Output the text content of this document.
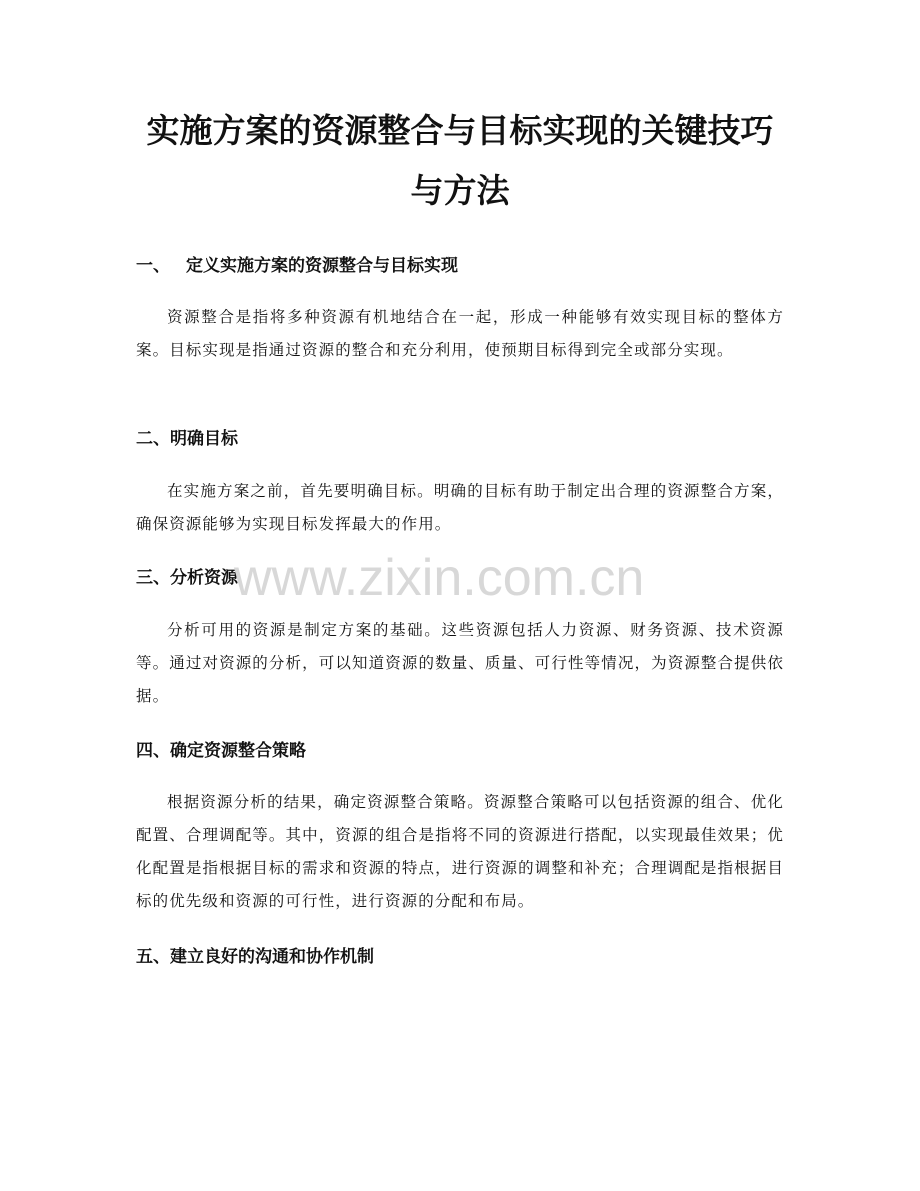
实施方案的资源整合与目标实现的关键技巧
与方法
一、 定义实施方案的资源整合与目标实现

资源整合是指将多种资源有机地结合在一起，形成一种能够有效实现目标的整体方案。目标实现是指通过资源的整合和充分利用，使预期目标得到完全或部分实现。

二、明确目标

在实施方案之前，首先要明确目标。明确的目标有助于制定出合理的资源整合方案，确保资源能够为实现目标发挥最大的作用。

三、分析资源

分析可用的资源是制定方案的基础。这些资源包括人力资源、财务资源、技术资源等。通过对资源的分析，可以知道资源的数量、质量、可行性等情况，为资源整合提供依据。

四、确定资源整合策略

根据资源分析的结果，确定资源整合策略。资源整合策略可以包括资源的组合、优化配置、合理调配等。其中，资源的组合是指将不同的资源进行搭配，以实现最佳效果；优化配置是指根据目标的需求和资源的特点，进行资源的调整和补充；合理调配是指根据目标的优先级和资源的可行性，进行资源的分配和布局。

五、建立良好的沟通和协作机制
www.zixin.com.cn
